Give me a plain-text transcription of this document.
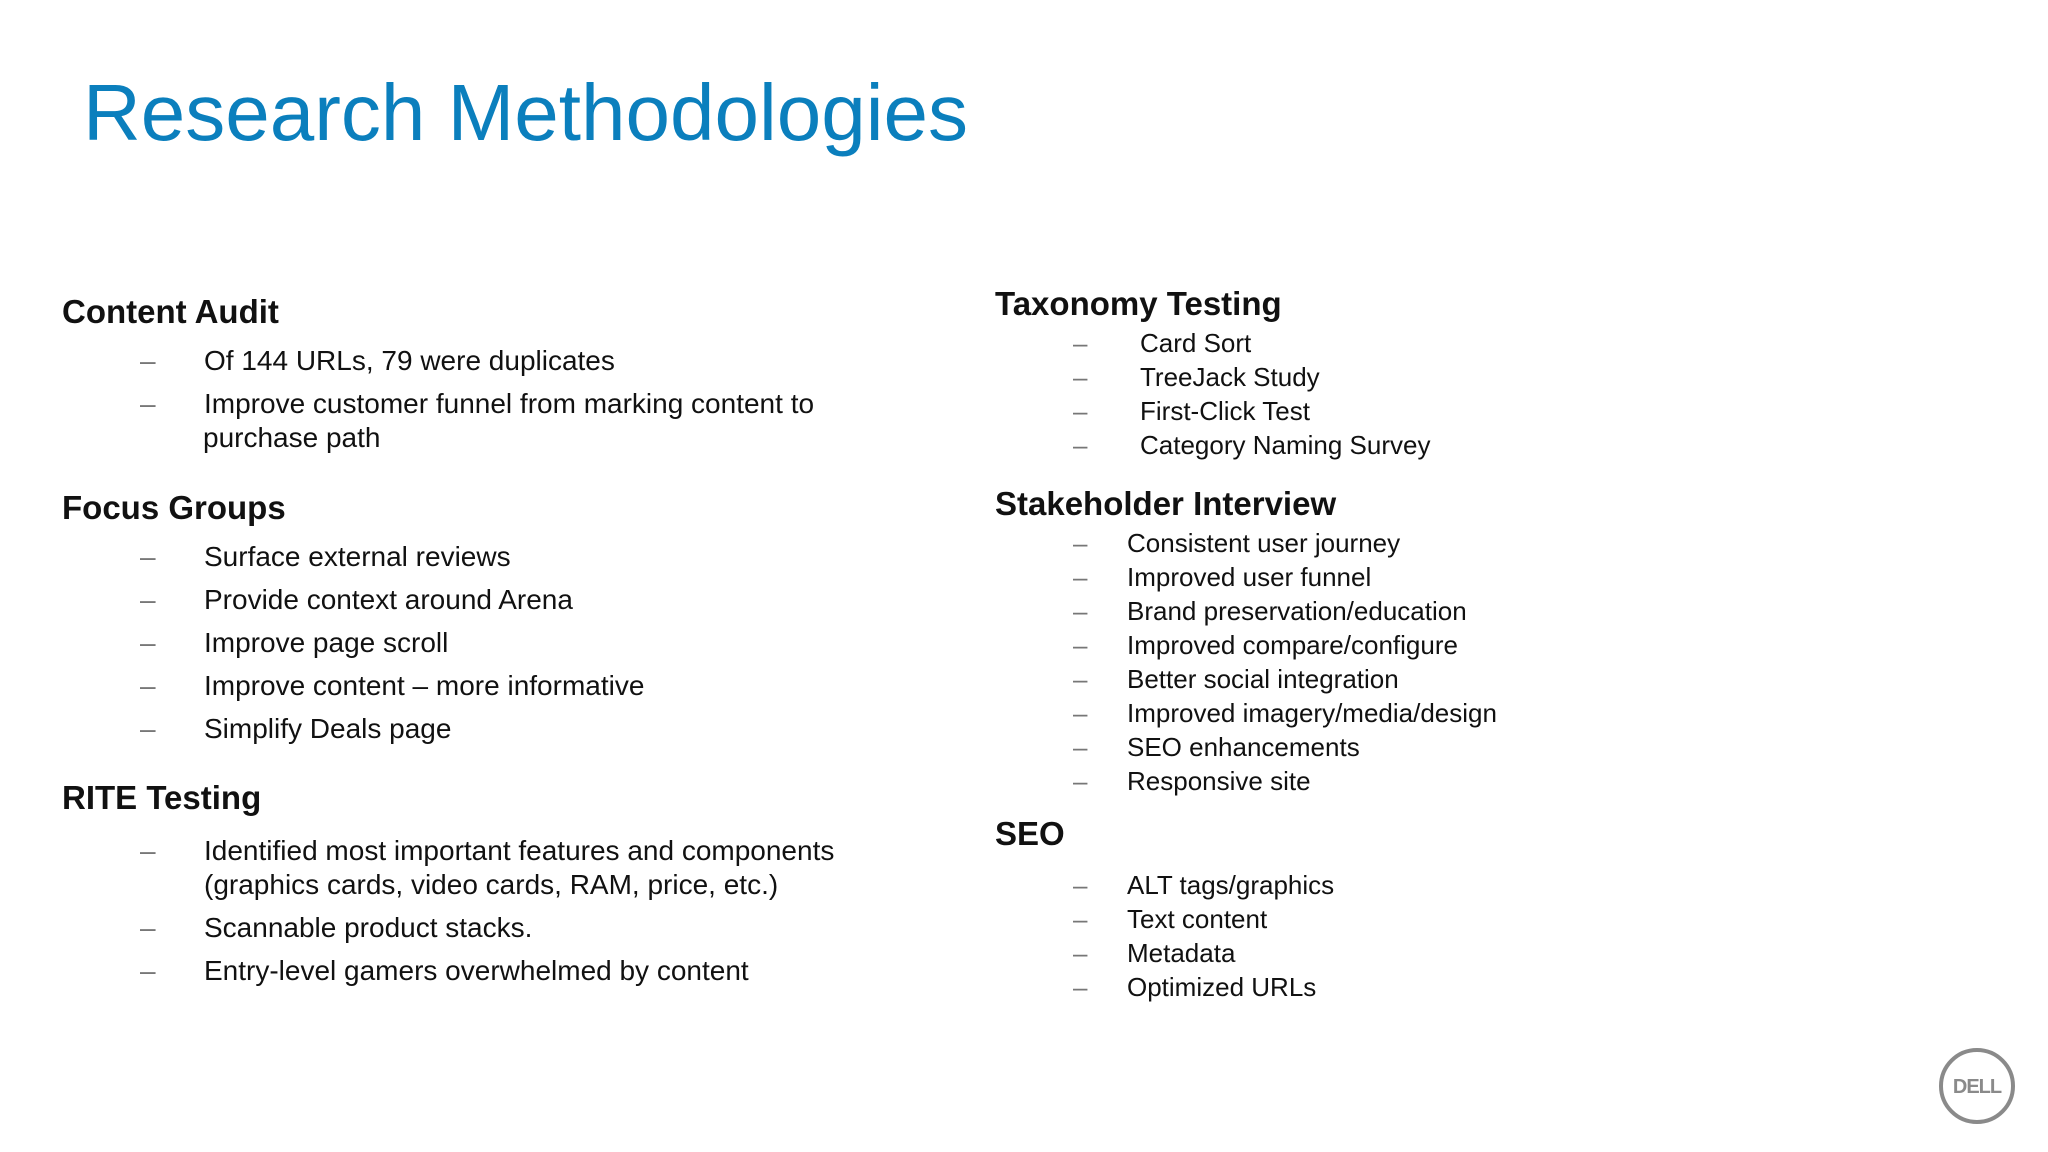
Research Methodologies
Content Audit
– Of 144 URLs, 79 were duplicates
– Improve customer funnel from marking content to
purchase path
Focus Groups
– Surface external reviews
– Provide context around Arena
– Improve page scroll
– Improve content – more informative
– Simplify Deals page
RITE Testing
– Identified most important features and components
(graphics cards, video cards, RAM, price, etc.)
– Scannable product stacks.
– Entry-level gamers overwhelmed by content
Taxonomy Testing
– Card Sort
– TreeJack Study
– First-Click Test
– Category Naming Survey
Stakeholder Interview
– Consistent user journey
– Improved user funnel
– Brand preservation/education
– Improved compare/configure
– Better social integration
– Improved imagery/media/design
– SEO enhancements
– Responsive site
SEO
– ALT tags/graphics
– Text content
– Metadata
– Optimized URLs
DELL
